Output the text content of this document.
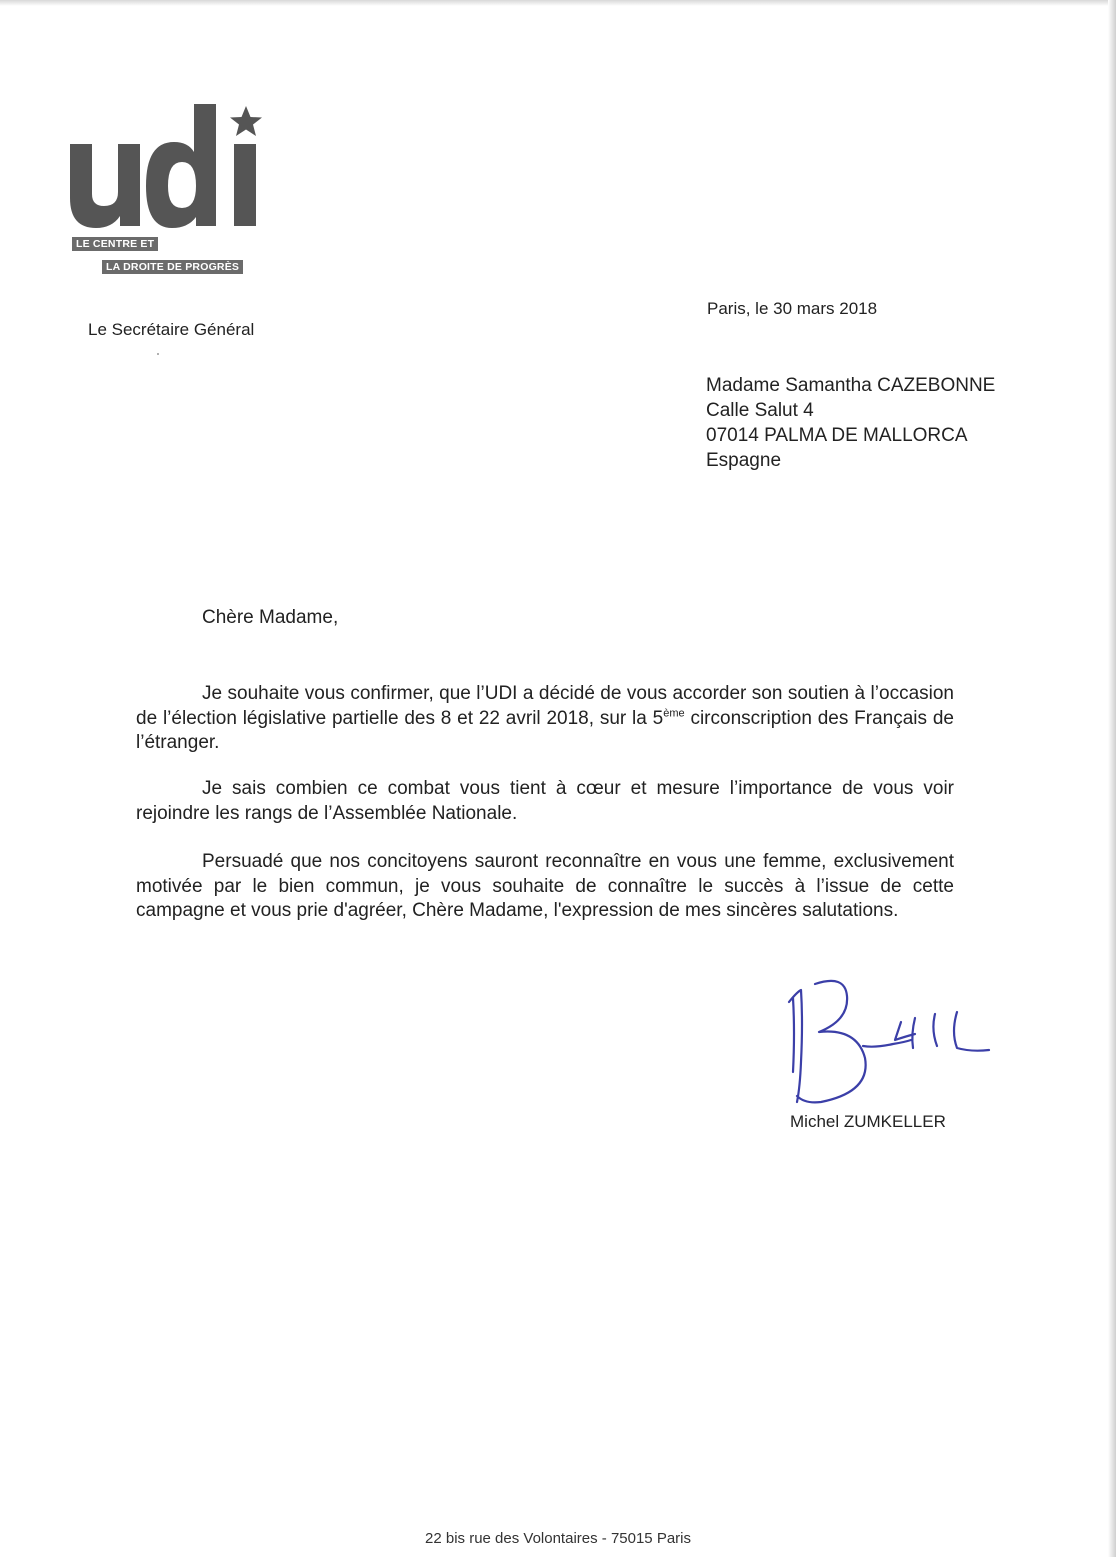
LE CENTRE ET
LA DROITE DE PROGRÈS
Le Secrétaire Général
Paris, le 30 mars 2018
Madame Samantha CAZEBONNE
Calle Salut 4
07014 PALMA DE MALLORCA
Espagne
Chère Madame,
Je souhaite vous confirmer, que l’UDI a décidé de vous accorder son soutien à l’occasion de l’élection législative partielle des 8 et 22 avril 2018, sur la 5ème circonscription des Français de l’étranger.
Je sais combien ce combat vous tient à cœur et mesure l’importance de vous voir rejoindre les rangs de l’Assemblée Nationale.
Persuadé que nos concitoyens sauront reconnaître en vous une femme, exclusivement motivée par le bien commun, je vous souhaite de connaître le succès à l’issue de cette campagne et vous prie d'agréer, Chère Madame, l'expression de mes sincères salutations.
Michel ZUMKELLER
22 bis rue des Volontaires - 75015 Paris
